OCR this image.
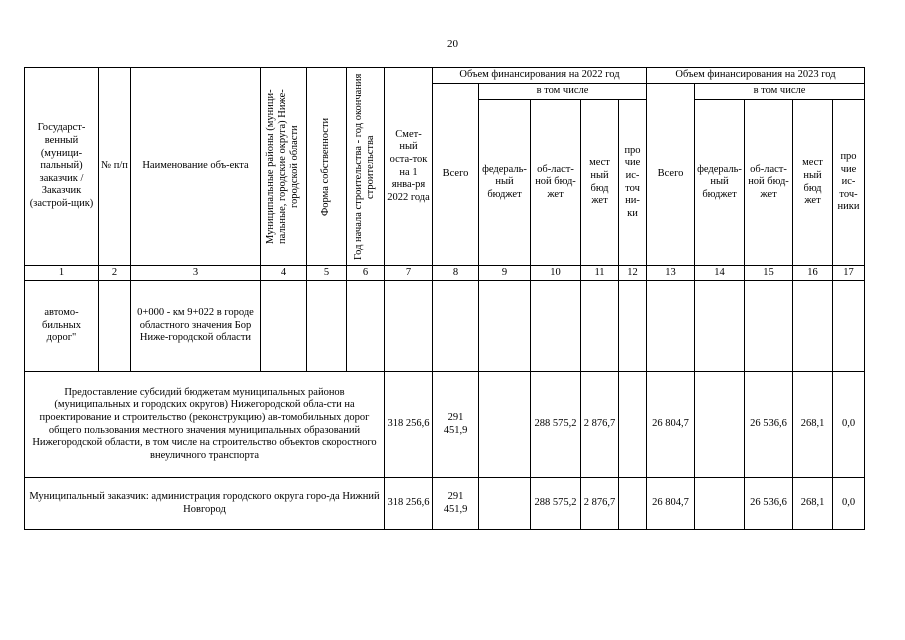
20
Государст-венный (муници-пальный) заказчик / Заказчик (застрой-щик)	№ п/п	Наименование объ-екта	Муниципальные районы (муници-пальные, городские округа) Ниже-городской области	Форма собственности	Год начала строительства - год окончания строительства	Смет-ный оста-ток на 1 янва-ря 2022 года	Объем финансирования на 2022 год					Объем финансирования на 2023 год				
							Всего	в том числе				Всего	в том числе			
								федераль-ный бюджет	об-ласт-ной бюд-жет	мест ный бюд жет	про чие ис-точ ни-ки		федераль-ный бюджет	об-ласт-ной бюд-жет	мест ный бюд жет	про чие ис-точ-ники
1	2	3	4	5	6	7	8	9	10	11	12	13	14	15	16	17
автомо-бильных дорог"		0+000 - км 9+022 в городе областного значения Бор Ниже-городской области														
Предоставление субсидий бюджетам муниципальных районов (муниципальных и городских округов) Нижегородской обла-сти на проектирование и строительство (реконструкцию) ав-томобильных дорог общего пользования местного значения муниципальных образований Нижегородской области, в том числе на строительство объектов скоростного внеуличного транспорта						318 256,6	291 451,9		288 575,2	2 876,7		26 804,7		26 536,6	268,1	0,0
Муниципальный заказчик: администрация городского округа горо-да Нижний Новгород						318 256,6	291 451,9		288 575,2	2 876,7		26 804,7		26 536,6	268,1	0,0
